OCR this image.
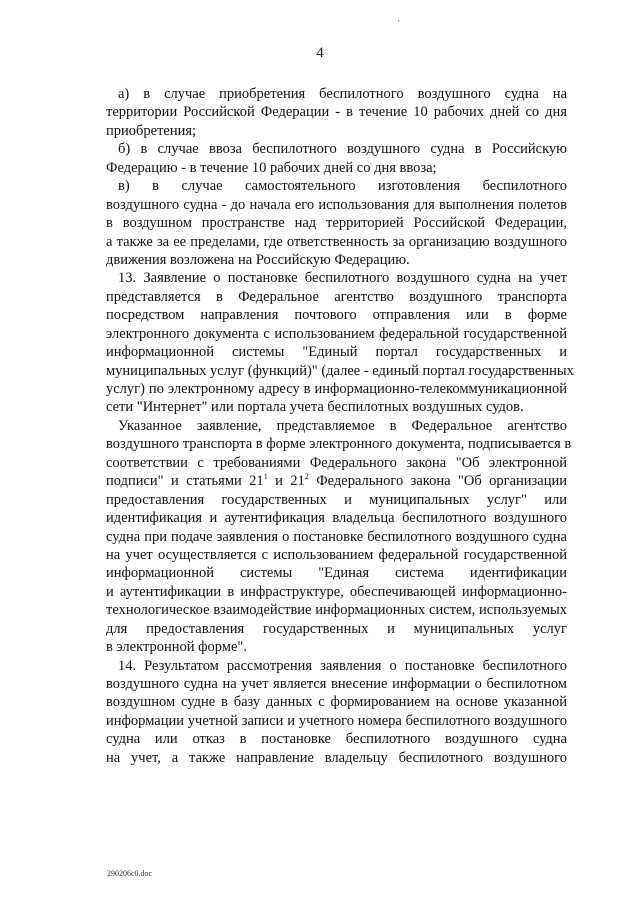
·
4
а) в случае приобретения беспилотного воздушного судна на
территории Российской Федерации - в течение 10 рабочих дней со дня
приобретения;
б) в случае ввоза беспилотного воздушного судна в Российскую
Федерацию - в течение 10 рабочих дней со дня ввоза;
в) в случае самостоятельного изготовления беспилотного
воздушного судна - до начала его использования для выполнения полетов
в воздушном пространстве над территорией Российской Федерации,
а также за ее пределами, где ответственность за организацию воздушного
движения возложена на Российскую Федерацию.
13. Заявление о постановке беспилотного воздушного судна на учет
представляется в Федеральное агентство воздушного транспорта
посредством направления почтового отправления или в форме
электронного документа с использованием федеральной государственной
информационной системы "Единый портал государственных и
муниципальных услуг (функций)" (далее - единый портал государственных
услуг) по электронному адресу в информационно-телекоммуникационной
сети "Интернет" или портала учета беспилотных воздушных судов.
Указанное заявление, представляемое в Федеральное агентство
воздушного транспорта в форме электронного документа, подписывается в
соответствии с требованиями Федерального закона "Об электронной
подписи" и статьями $21^1$ и $21^2$ Федерального закона "Об организации
предоставления государственных и муниципальных услуг" или
идентификация и аутентификация владельца беспилотного воздушного
судна при подаче заявления о постановке беспилотного воздушного судна
на учет осуществляется с использованием федеральной государственной
информационной системы "Единая система идентификации
и аутентификации в инфраструктуре, обеспечивающей информационно-
технологическое взаимодействие информационных систем, используемых
для предоставления государственных и муниципальных услуг
в электронной форме".
14. Результатом рассмотрения заявления о постановке беспилотного
воздушного судна на учет является внесение информации о беспилотном
воздушном судне в базу данных с формированием на основе указанной
информации учетной записи и учетного номера беспилотного воздушного
судна или отказ в постановке беспилотного воздушного судна
на учет, а также направление владельцу беспилотного воздушного
290206c0.doc
